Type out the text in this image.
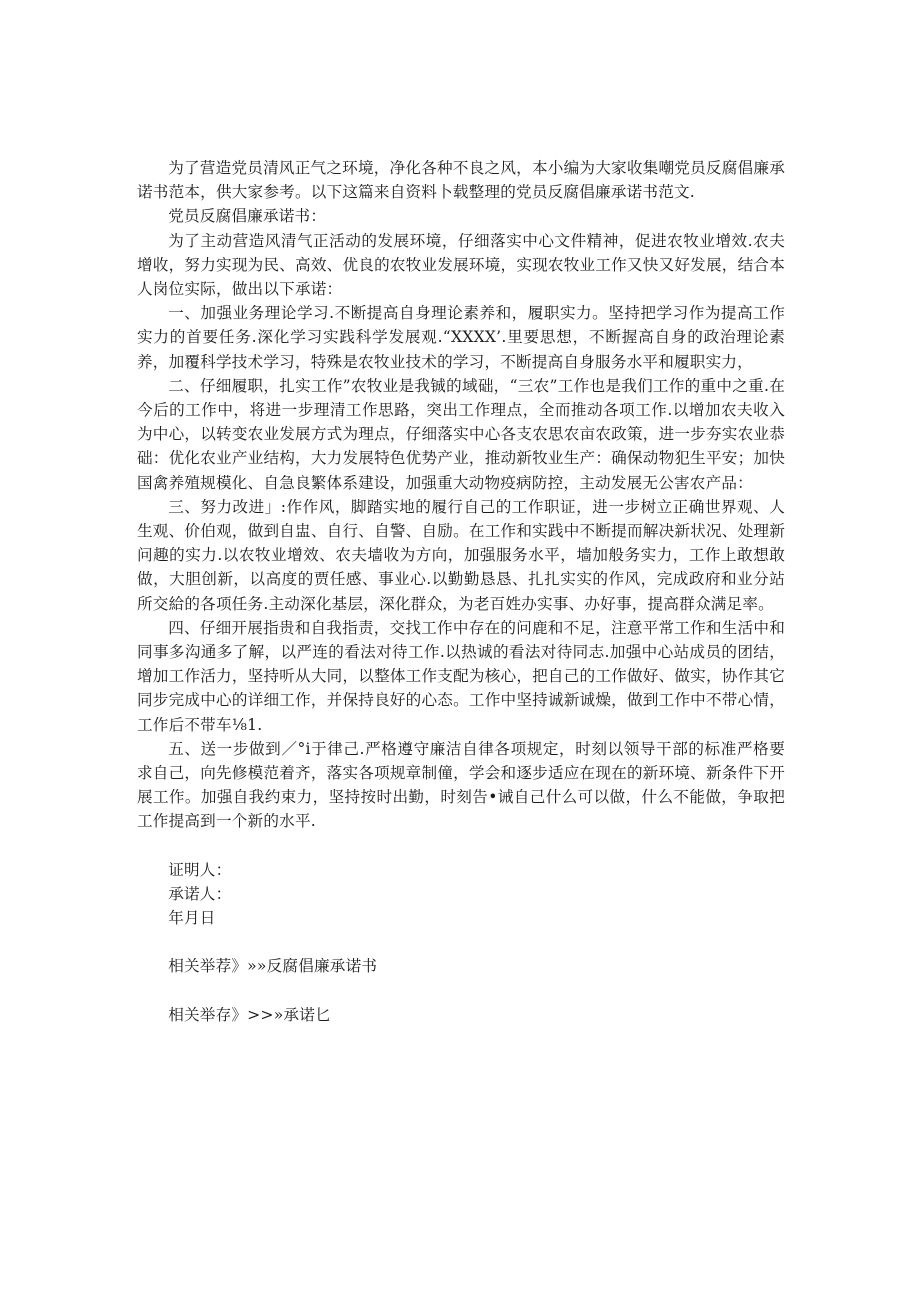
为了营造党员清风正气之环境，净化各种不良之风，本小编为大家收集嘲党员反腐倡廉承诺书范本，供大家参考。以下这篇来自资料卜载整理的党员反腐倡廉承诺书范文.

党员反腐倡廉承诺书：

为了主动营造风清气正活动的发展环境，仔细落实中心文件精神，促进农牧业增效.农夫增收，努力实现为民、高效、优良的农牧业发展环境，实现农牧业工作又快又好发展，结合本人岗位实际，做出以下承诺：

一、加强业务理论学习.不断提高自身理论素养和，履职实力。坚持把学习作为提高工作实力的首要任务.深化学习实践科学发展观.“XXXX’.里要思想，不断握高自身的政治理论素养，加覆科学技术学习，特殊是农牧业技术的学习，不断提高自身服务水平和履职实力，

二、仔细履职，扎实工作”农牧业是我铖的域础，“三农”工作也是我们工作的重中之重.在今后的工作中，将进一步理清工作思路，突出工作理点，全而推动各项工作.以增加农夫收入为中心，以转变农业发展方式为理点，仔细落实中心各支农思农亩农政策，进一步夯实农业恭础：优化农业产业结构，大力发展特色优势产业，推动新牧业生产：确保动物犯生平安；加快国禽养殖规模化、自急良繁体系建设，加强重大动物疫病防控，主动发展无公害农产品：

三、努力改进」:作作风，脚踏实地的履行自己的工作职证，进一步树立正确世界观、人生观、价伯观，做到自盅、自行、自警、自励。在工作和实践中不断提而解决新状况、处理新问趣的实力.以农牧业增效、农夫墙收为方向，加强服务水平，墙加般务实力，工作上敢想敢做，大胆创新，以高度的贾任感、事业心.以勤勤恳恳、扎扎实实的作风，完成政府和业分站所交給的各项任务.主动深化基层，深化群众，为老百姓办实事、办好事，提高群众满足率。

四、仔细开展指贵和自我指责，交找工作中存在的问鹿和不足，注意平常工作和生活中和同事多沟通多了解，以严连的看法对待工作.以热诚的看法对待同志.加强中心站成员的团结，增加工作活力，坚持听从大同，以整体工作支配为核心，把自己的工作做好、做实，协作其它同步完成中心的详细工作，并保持良好的心态。工作中坚持诚新诚燥，做到工作中不带心情，工作后不带车⅛1.

五、送一步做到／°i于律己.严格遵守廉洁自律各项规定，时刻以领导干部的标准严格要求自己，向先修模范着齐，落实各项规章制僮，学会和逐步适应在现在的新环境、新条件下开展工作。加强自我约束力，坚持按时出勤，时刻告•诫自己什么可以做，什么不能做，争取把工作提高到一个新的水平.

证明人：
承诺人：
年月日
相关举荐》»»反腐倡廉承诺书
相关举存》>>»承诺匕
